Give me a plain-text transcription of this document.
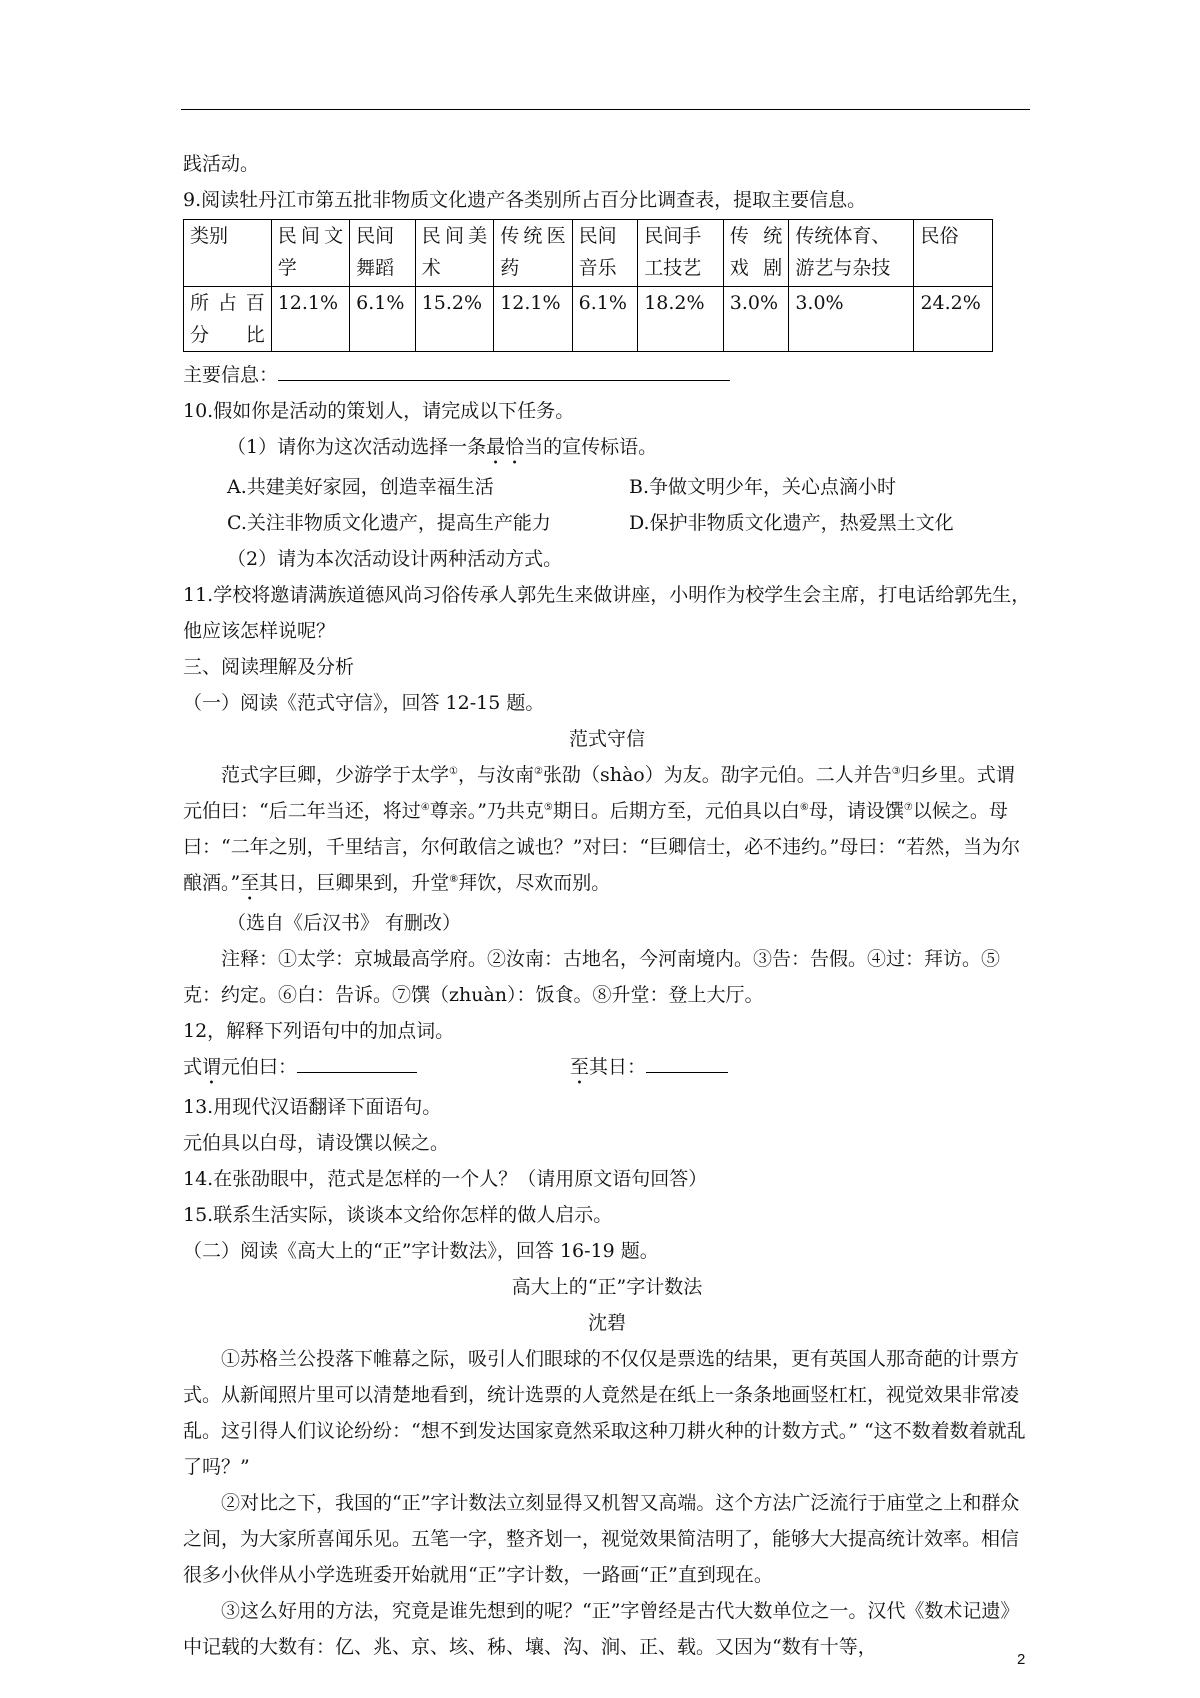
践活动。

9.阅读牡丹江市第五批非物质文化遗产各类别所占百分比调查表，提取主要信息。

类别	民间文学	民间舞蹈	民间美术	传统医药	民间音乐	民间手工技艺	传统戏剧	传统体育、游艺与杂技	民俗
所占百分比	12.1%	6.1%	15.2%	12.1%	6.1%	18.2%	3.0%	3.0%	24.2%

主要信息：

10.假如你是活动的策划人，请完成以下任务。

（1）请你为这次活动选择一条最恰当的宣传标语。

A.共建美好家园，创造幸福生活	B.争做文明少年，关心点滴小时
C.关注非物质文化遗产，提高生产能力	D.保护非物质文化遗产，热爱黑土文化

（2）请为本次活动设计两种活动方式。

11.学校将邀请满族道德风尚习俗传承人郭先生来做讲座，小明作为校学生会主席，打电话给郭先生，他应该怎样说呢？

三、阅读理解及分析

（一）阅读《范式守信》，回答 12-15 题。

范式守信

范式字巨卿，少游学于太学①，与汝南②张劭（shào）为友。劭字元伯。二人并告③归乡里。式谓元伯曰：“后二年当还，将过④尊亲。”乃共克⑤期日。后期方至，元伯具以白⑥母，请设馔⑦以候之。母曰：“二年之别，千里结言，尔何敢信之诚也？”对曰：“巨卿信士，必不违约。”母曰：“若然，当为尔酿酒。”至其日，巨卿果到，升堂⑧拜饮，尽欢而别。

（选自《后汉书》 有删改）

注释：①太学：京城最高学府。②汝南：古地名，今河南境内。③告：告假。④过：拜访。⑤克：约定。⑥白：告诉。⑦馔（zhuàn）：饭食。⑧升堂：登上大厅。

12，解释下列语句中的加点词。

式谓元伯曰：	至其日：

13.用现代汉语翻译下面语句。

元伯具以白母，请设馔以候之。

14.在张劭眼中，范式是怎样的一个人？（请用原文语句回答）

15.联系生活实际，谈谈本文给你怎样的做人启示。

（二）阅读《高大上的“正”字计数法》，回答 16-19 题。

高大上的“正”字计数法

沈碧

①苏格兰公投落下帷幕之际，吸引人们眼球的不仅仅是票选的结果，更有英国人那奇葩的计票方式。从新闻照片里可以清楚地看到，统计选票的人竟然是在纸上一条条地画竖杠杠，视觉效果非常凌乱。这引得人们议论纷纷：“想不到发达国家竟然采取这种刀耕火种的计数方式。” “这不数着数着就乱了吗？”

②对比之下，我国的“正”字计数法立刻显得又机智又高端。这个方法广泛流行于庙堂之上和群众之间，为大家所喜闻乐见。五笔一字，整齐划一，视觉效果简洁明了，能够大大提高统计效率。相信很多小伙伴从小学选班委开始就用“正”字计数，一路画“正”直到现在。

③这么好用的方法，究竟是谁先想到的呢？“正”字曾经是古代大数单位之一。汉代《数术记遗》中记载的大数有：亿、兆、京、垓、秭、壤、沟、涧、正、载。又因为“数有十等，

2
